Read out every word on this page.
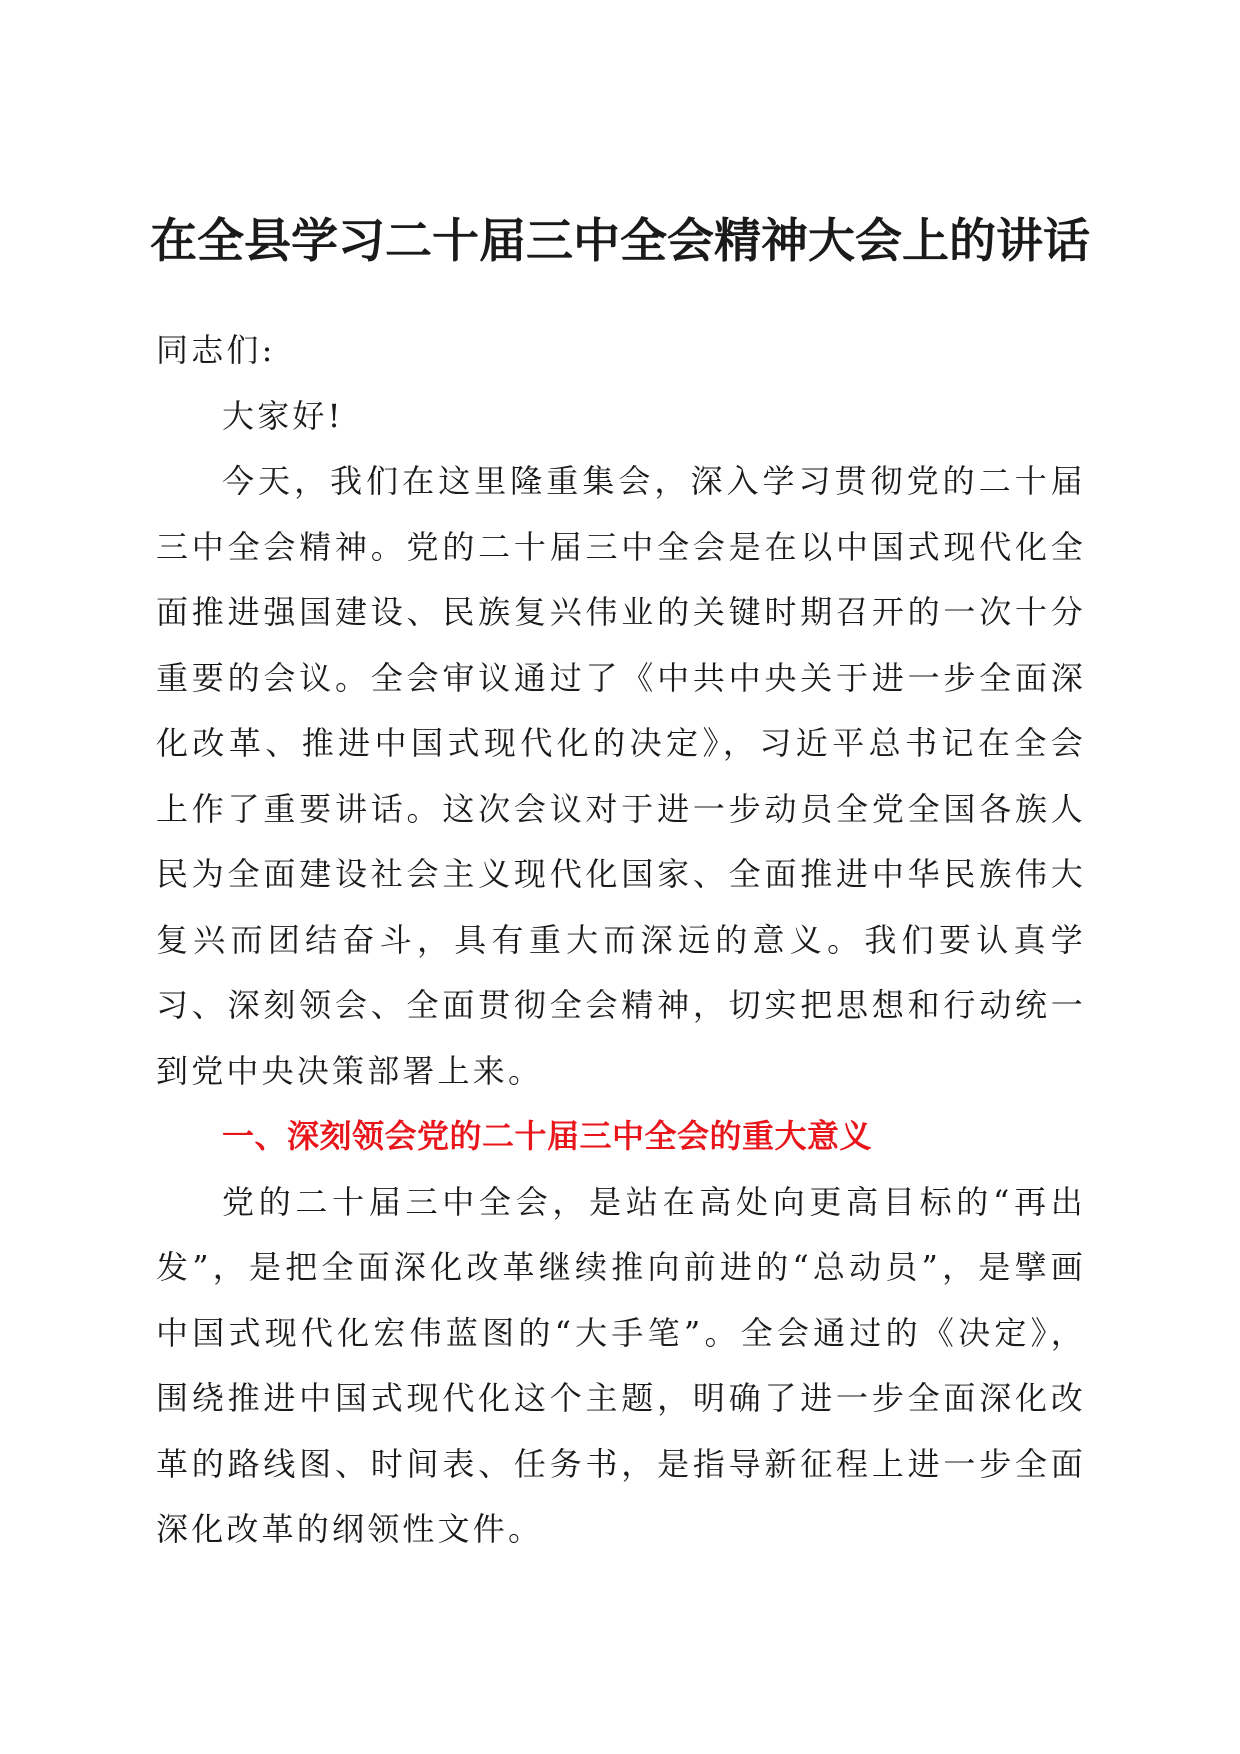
在全县学习二十届三中全会精神大会上的讲话

同志们:

大家好!

今天，我们在这里隆重集会，深入学习贯彻党的二十届三中全会精神。党的二十届三中全会是在以中国式现代化全面推进强国建设、民族复兴伟业的关键时期召开的一次十分重要的会议。全会审议通过了《中共中央关于进一步全面深化改革、推进中国式现代化的决定》，习近平总书记在全会上作了重要讲话。这次会议对于进一步动员全党全国各族人民为全面建设社会主义现代化国家、全面推进中华民族伟大复兴而团结奋斗，具有重大而深远的意义。我们要认真学习、深刻领会、全面贯彻全会精神，切实把思想和行动统一到党中央决策部署上来。

一、深刻领会党的二十届三中全会的重大意义

党的二十届三中全会，是站在高处向更高目标的“再出发”，是把全面深化改革继续推向前进的“总动员”，是擘画中国式现代化宏伟蓝图的“大手笔”。全会通过的《决定》，围绕推进中国式现代化这个主题，明确了进一步全面深化改革的路线图、时间表、任务书，是指导新征程上进一步全面深化改革的纲领性文件。
